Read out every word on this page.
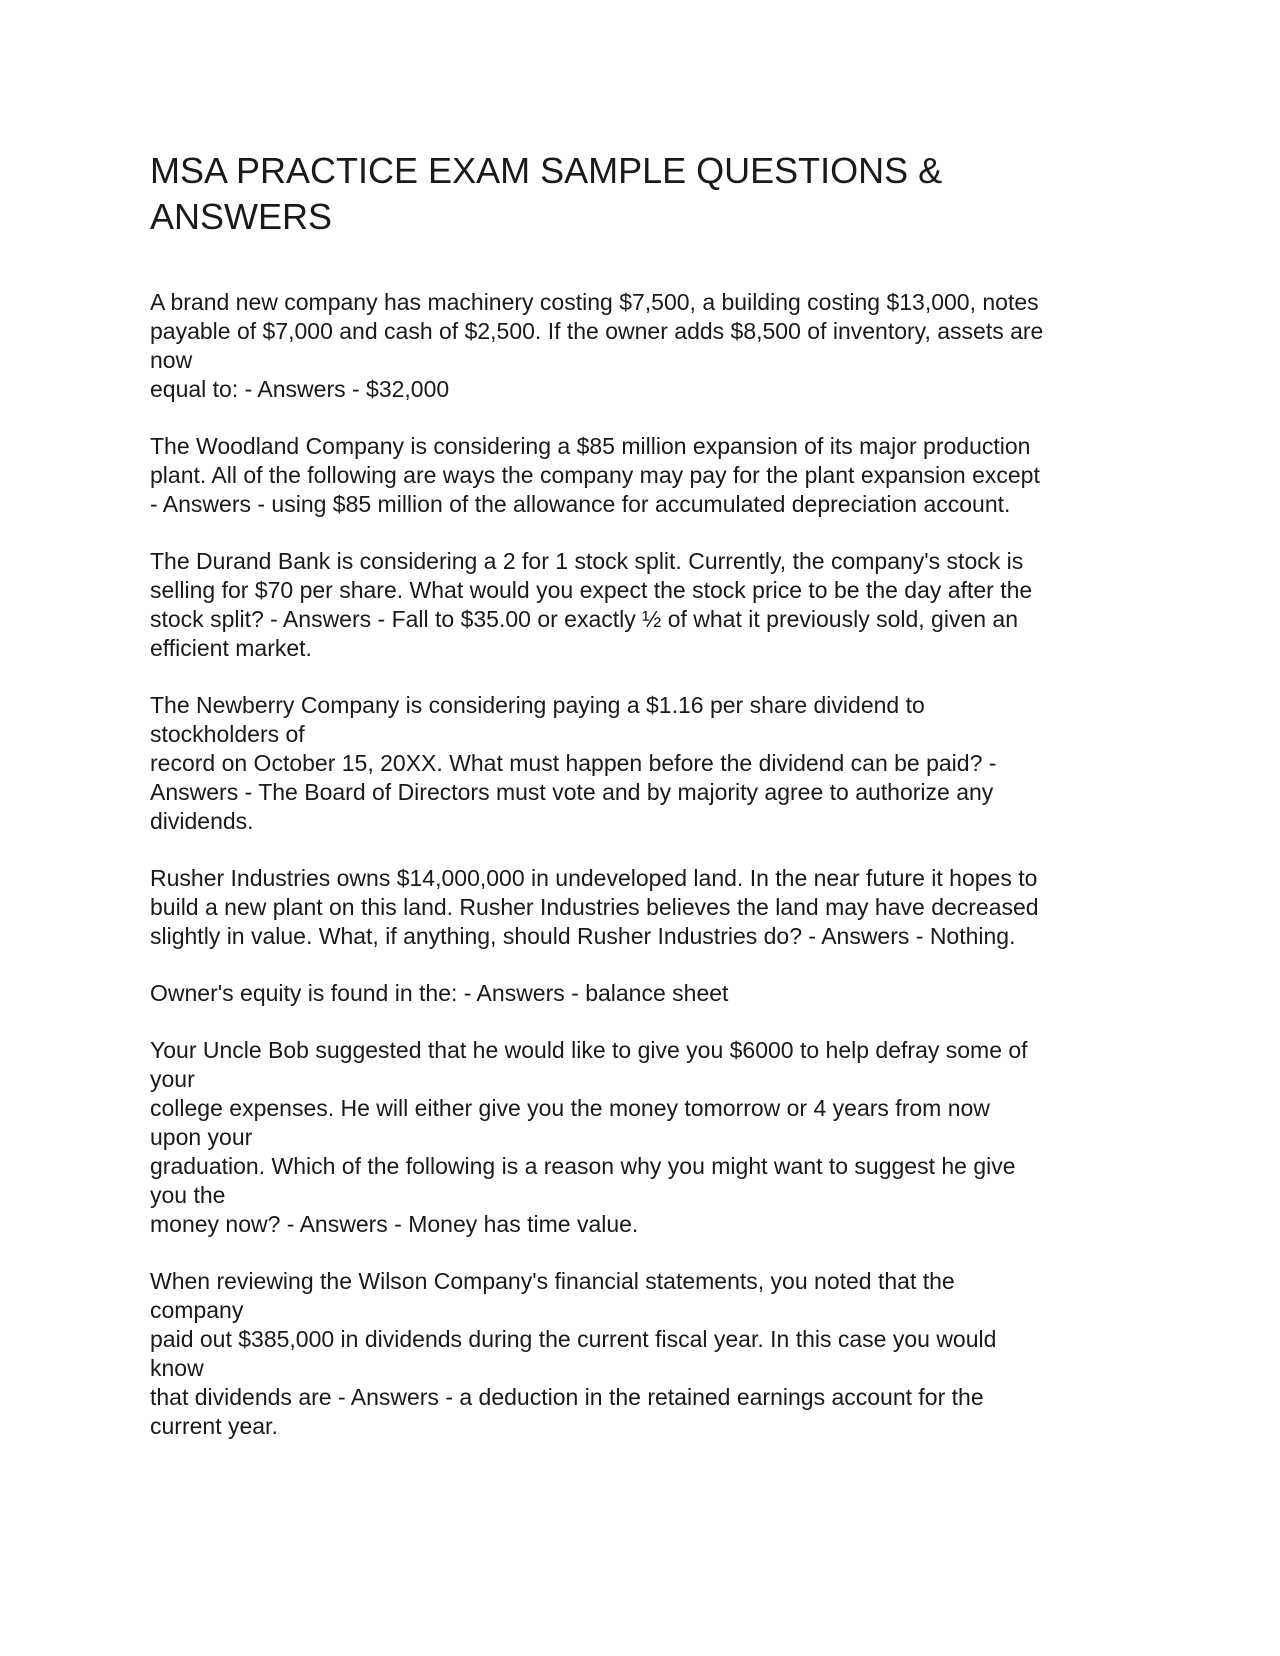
MSA PRACTICE EXAM SAMPLE QUESTIONS &
ANSWERS

A brand new company has machinery costing $7,500, a building costing $13,000, notes
payable of $7,000 and cash of $2,500. If the owner adds $8,500 of inventory, assets are
now
equal to: - Answers - $32,000

The Woodland Company is considering a $85 million expansion of its major production
plant. All of the following are ways the company may pay for the plant expansion except
- Answers - using $85 million of the allowance for accumulated depreciation account.

The Durand Bank is considering a 2 for 1 stock split. Currently, the company's stock is
selling for $70 per share. What would you expect the stock price to be the day after the
stock split? - Answers - Fall to $35.00 or exactly ½ of what it previously sold, given an
efficient market.

The Newberry Company is considering paying a $1.16 per share dividend to
stockholders of
record on October 15, 20XX. What must happen before the dividend can be paid? -
Answers - The Board of Directors must vote and by majority agree to authorize any
dividends.

Rusher Industries owns $14,000,000 in undeveloped land. In the near future it hopes to
build a new plant on this land. Rusher Industries believes the land may have decreased
slightly in value. What, if anything, should Rusher Industries do? - Answers - Nothing.

Owner's equity is found in the: - Answers - balance sheet

Your Uncle Bob suggested that he would like to give you $6000 to help defray some of
your
college expenses. He will either give you the money tomorrow or 4 years from now
upon your
graduation. Which of the following is a reason why you might want to suggest he give
you the
money now? - Answers - Money has time value.

When reviewing the Wilson Company's financial statements, you noted that the
company
paid out $385,000 in dividends during the current fiscal year. In this case you would
know
that dividends are - Answers - a deduction in the retained earnings account for the
current year.
